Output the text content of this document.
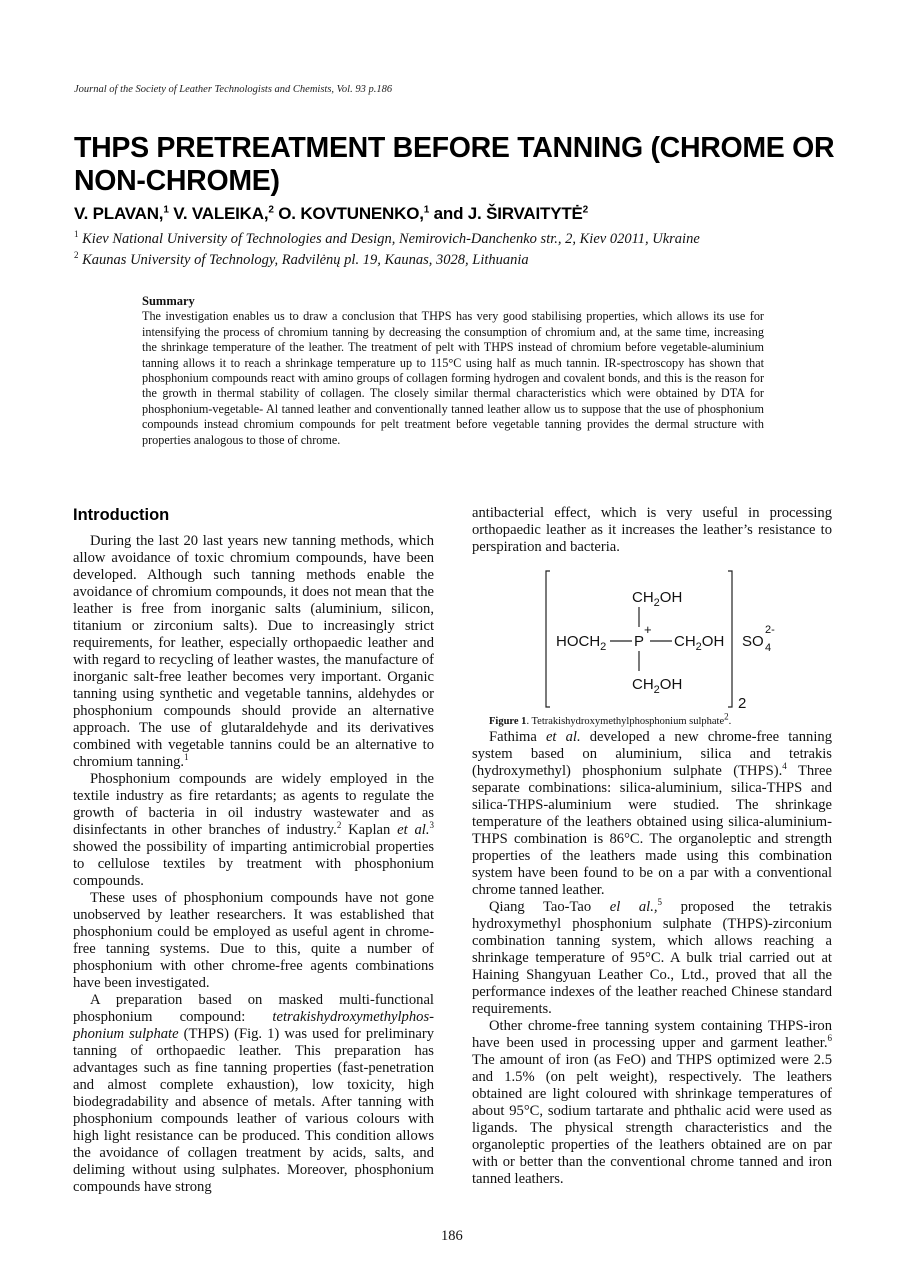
Journal of the Society of Leather Technologists and Chemists, Vol. 93 p.186
THPS PRETREATMENT BEFORE TANNING (CHROME OR NON-CHROME)
V. PLAVAN,$^1$ V. VALEIKA,$^2$ O. KOVTUNENKO,$^1$ and J. ŠIRVAITYTĖ$^2$
$^1$ Kiev National University of Technologies and Design, Nemirovich-Danchenko str., 2, Kiev 02011, Ukraine
$^2$ Kaunas University of Technology, Radvilėnų pl. 19, Kaunas, 3028, Lithuania
Summary

The investigation enables us to draw a conclusion that THPS has very good stabilising properties, which allows its use for intensifying the process of chromium tanning by decreasing the consumption of chromium and, at the same time, increasing the shrinkage temperature of the leather. The treatment of pelt with THPS instead of chromium before vegetable-aluminium tanning allows it to reach a shrinkage temperature up to 115°C using half as much tannin. IR-spectroscopy has shown that phosphonium compounds react with amino groups of collagen forming hydrogen and covalent bonds, and this is the reason for the growth in thermal stability of collagen. The closely similar thermal characteristics which were obtained by DTA for phosphonium-vegetable- Al tanned leather and conventionally tanned leather allow us to suppose that the use of phosphonium compounds instead chromium compounds for pelt treatment before vegetable tanning provides the dermal structure with properties analogous to those of chrome.

Introduction

During the last 20 last years new tanning methods, which allow avoidance of toxic chromium compounds, have been developed. Although such tanning methods enable the avoidance of chromium compounds, it does not mean that the leather is free from inorganic salts (aluminium, silicon, titanium or zirconium salts). Due to increasingly strict requirements, for leather, especially orthopaedic leather and with regard to recycling of leather wastes, the manufacture of inorganic salt-free leather becomes very important. Organic tanning using synthetic and vegetable tannins, aldehydes or phosphonium compounds should provide an alternative approach. The use of glutaraldehyde and its derivatives combined with vegetable tannins could be an alternative to chromium tanning.$^1$

Phosphonium compounds are widely employed in the textile industry as fire retardants; as agents to regulate the growth of bacteria in oil industry wastewater and as disinfectants in other branches of industry.$^2$ Kaplan et al.$^3$ showed the possibility of imparting antimicrobial properties to cellulose textiles by treatment with phosphonium compounds.

These uses of phosphonium compounds have not gone unobserved by leather researchers. It was established that phosphonium could be employed as useful agent in chrome-free tanning systems. Due to this, quite a number of phosphonium with other chrome-free agents combinations have been investigated.

A preparation based on masked multi-functional phosphonium compound: tetrakishydroxymethylphos-phonium sulphate (THPS) (Fig. 1) was used for preliminary tanning of orthopaedic leather. This preparation has advantages such as fine tanning properties (fast-penetration and almost complete exhaustion), low toxicity, high biodegradability and absence of metals. After tanning with phosphonium compounds leather of various colours with high light resistance can be produced. This condition allows the avoidance of collagen treatment by acids, salts, and deliming without using sulphates. Moreover, phosphonium compounds have strong

antibacterial effect, which is very useful in processing orthopaedic leather as it increases the leather’s resistance to perspiration and bacteria.

$CH_2OH$
$HOCH_2$ P
+
$CH_2OH$
$CH_2OH$
2
SO 4
2-

Figure 1. Tetrakishydroxymethylphosphonium sulphate$^2$.

Fathima et al. developed a new chrome-free tanning system based on aluminium, silica and tetrakis (hydroxymethyl) phosphonium sulphate (THPS).$^4$ Three separate combinations: silica-aluminium, silica-THPS and silica-THPS-aluminium were studied. The shrinkage temperature of the leathers obtained using silica-aluminium-THPS combination is 86°C. The organoleptic and strength properties of the leathers made using this combination system have been found to be on a par with a conventional chrome tanned leather.

Qiang Tao-Tao el al.,$^5$ proposed the tetrakis hydroxymethyl phosphonium sulphate (THPS)-zirconium combination tanning system, which allows reaching a shrinkage temperature of 95°C. A bulk trial carried out at Haining Shangyuan Leather Co., Ltd., proved that all the performance indexes of the leather reached Chinese standard requirements.

Other chrome-free tanning system containing THPS-iron have been used in processing upper and garment leather.$^6$ The amount of iron (as FeO) and THPS optimized were 2.5 and 1.5% (on pelt weight), respectively. The leathers obtained are light coloured with shrinkage temperatures of about 95°C, sodium tartarate and phthalic acid were used as ligands. The physical strength characteristics and the organoleptic properties of the leathers obtained are on par with or better than the conventional chrome tanned and iron tanned leathers.

186
